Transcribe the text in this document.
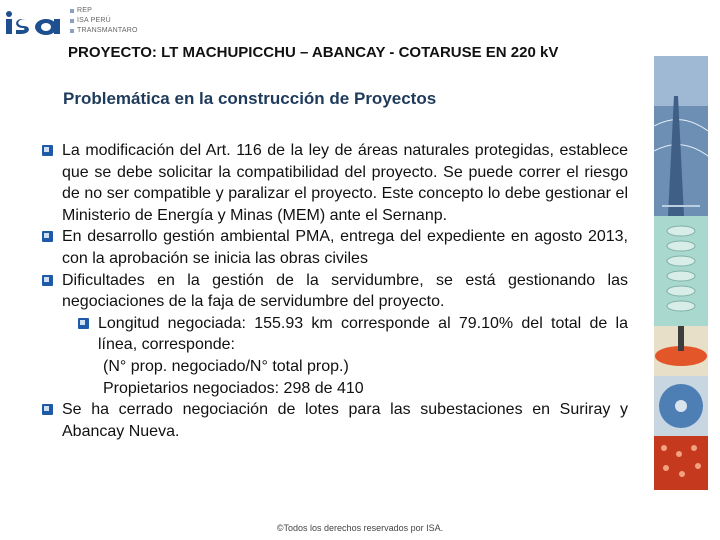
REP
ISA PERÚ
TRANSMANTARO
PROYECTO: LT MACHUPICCHU – ABANCAY - COTARUSE EN 220 kV
Problemática en la construcción de Proyectos
La modificación del Art. 116 de la ley de áreas naturales protegidas, establece que se debe solicitar la compatibilidad del proyecto. Se puede correr el riesgo de no ser compatible y paralizar el proyecto. Este concepto lo debe gestionar el Ministerio de Energía y Minas (MEM) ante el Sernanp.
En desarrollo gestión ambiental PMA, entrega del expediente en agosto 2013, con la aprobación se inicia las obras civiles
Dificultades en la gestión de la servidumbre, se está gestionando las negociaciones de la faja de servidumbre del proyecto.
Longitud negociada: 155.93 km corresponde al 79.10% del total de la línea, corresponde:
(N° prop. negociado/N° total prop.)
Propietarios negociados: 298 de 410
Se ha cerrado negociación de lotes para las subestaciones en Suriray y Abancay Nueva.
©Todos los derechos reservados por ISA.
